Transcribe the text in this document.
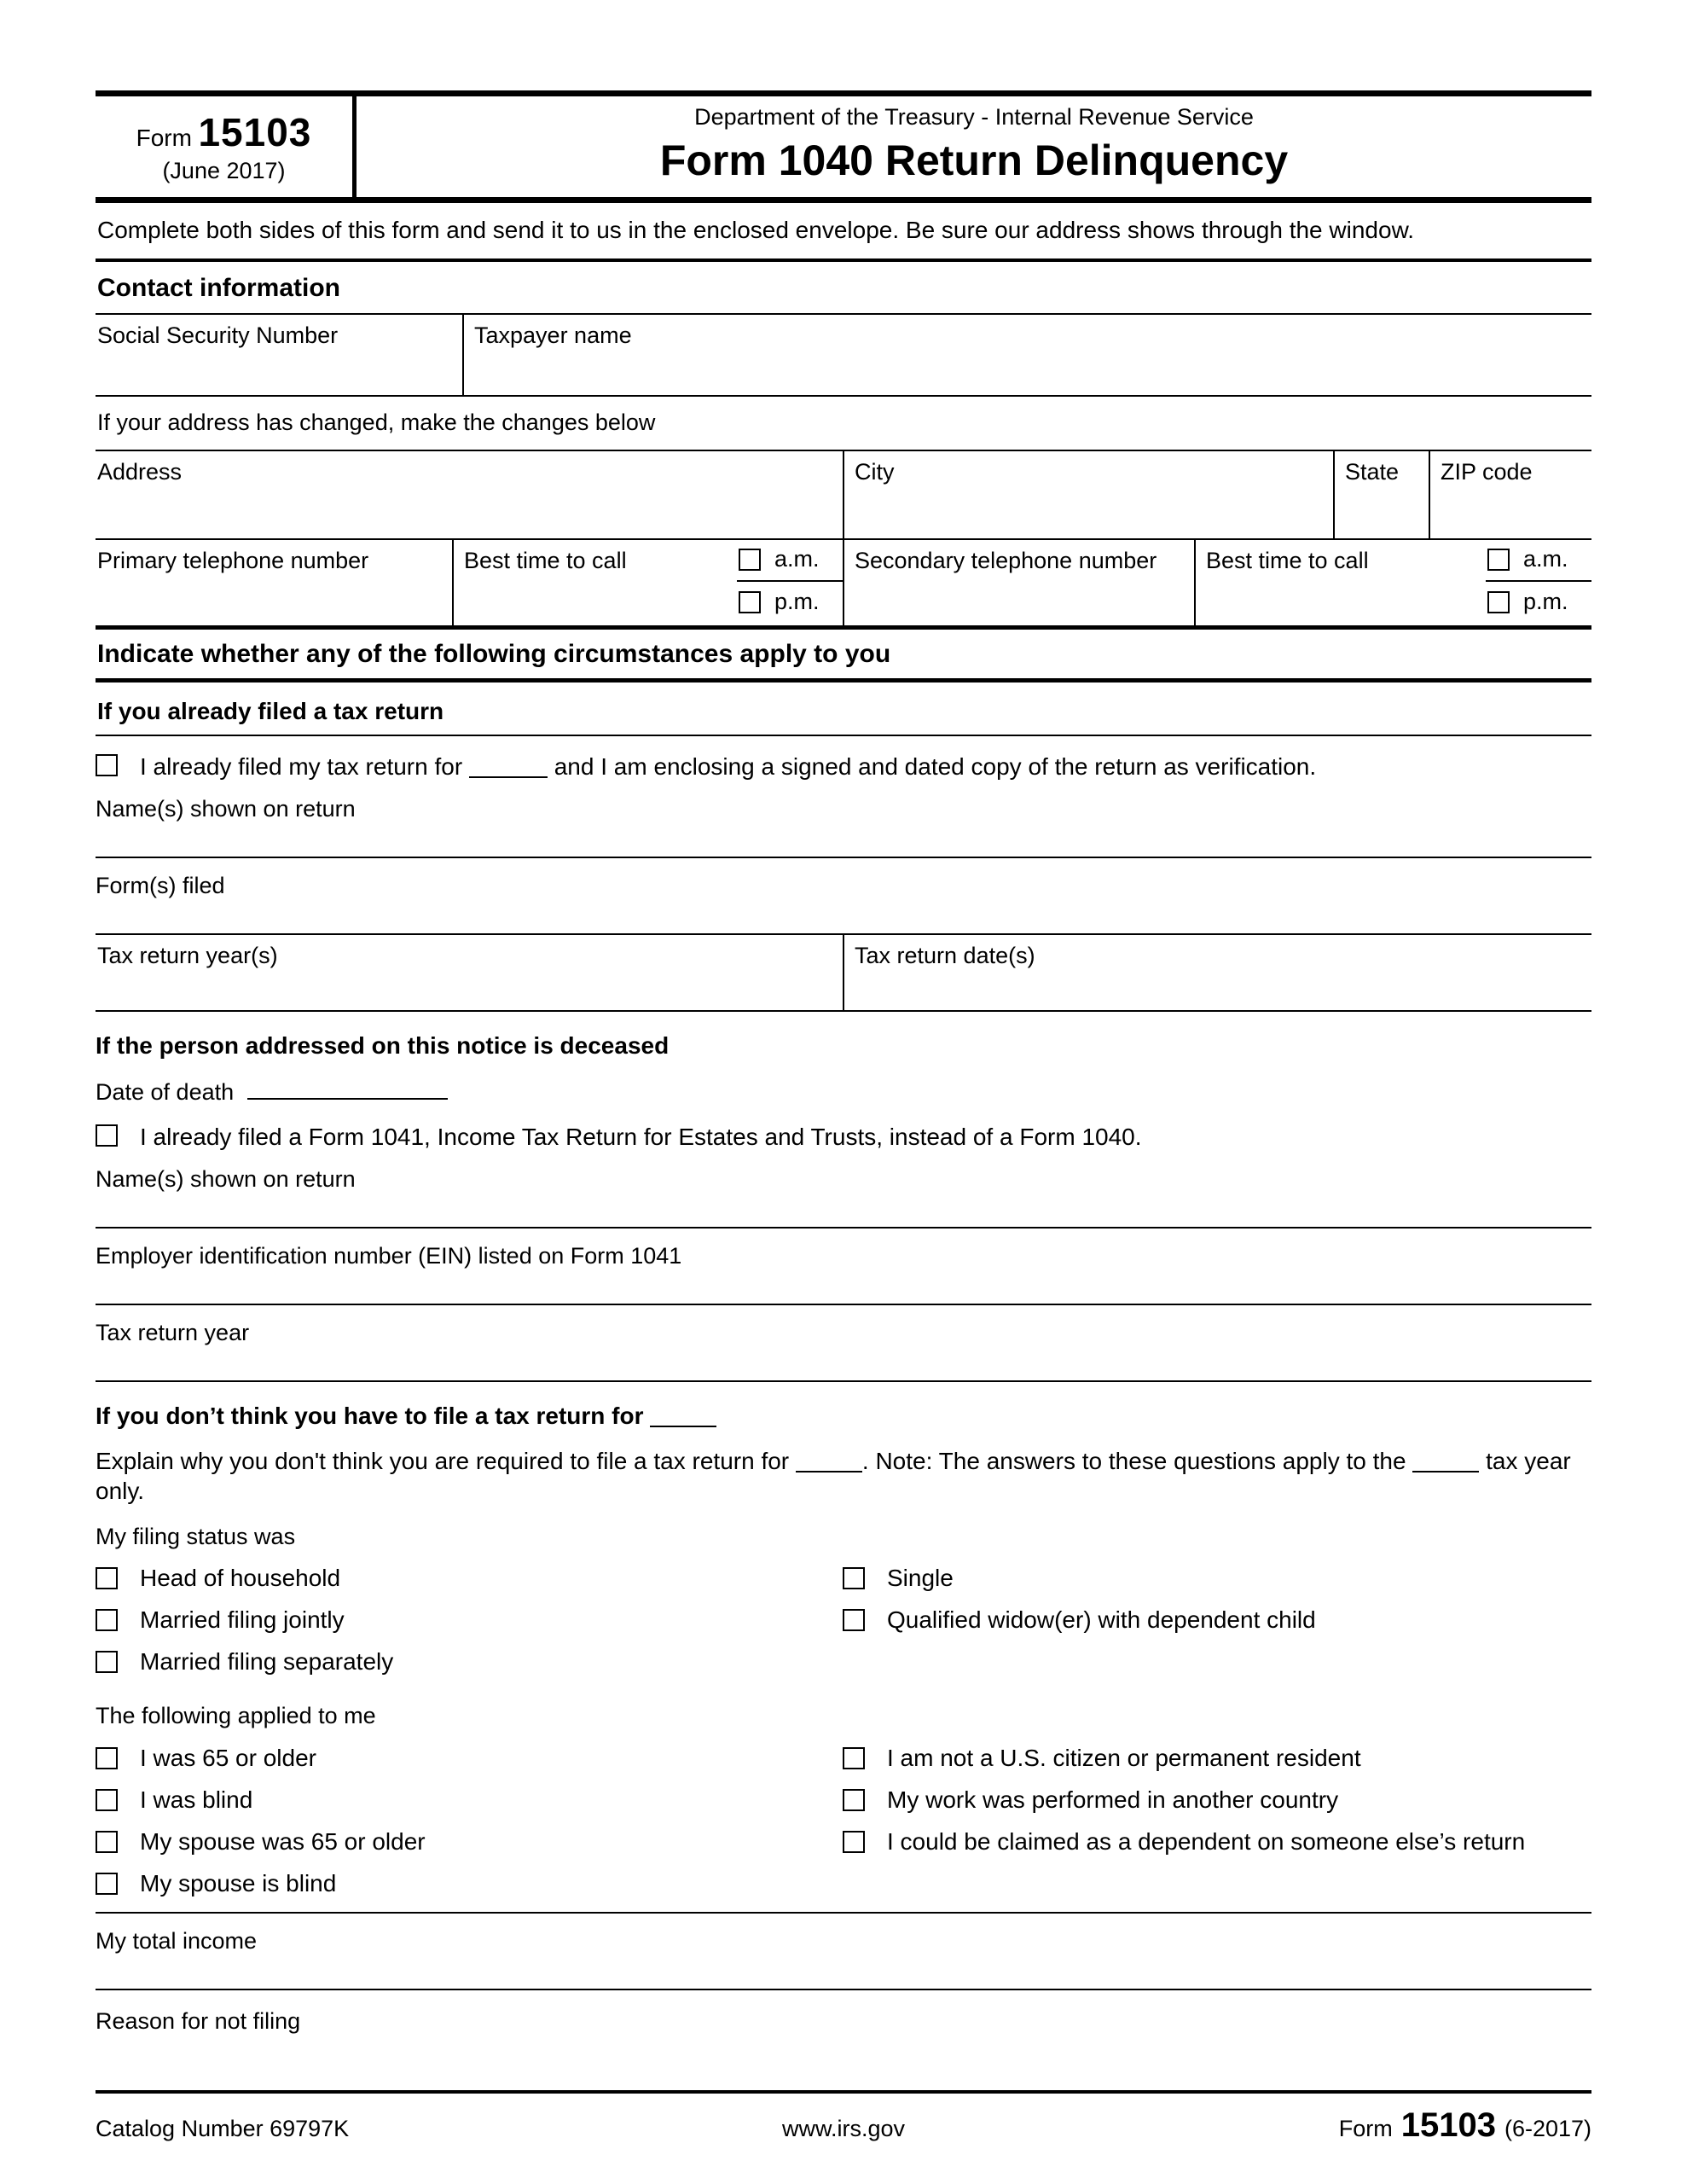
Form 15103
(June 2017)
Department of the Treasury - Internal Revenue Service
Form 1040 Return Delinquency
Complete both sides of this form and send it to us in the enclosed envelope. Be sure our address shows through the window.
Contact information
Social Security Number	Taxpayer name
If your address has changed, make the changes below
Address	City	State	ZIP code
Primary telephone number	Best time to call	a.m.
p.m.
Secondary telephone number	Best time to call	a.m.
p.m.
Indicate whether any of the following circumstances apply to you
If you already filed a tax return

I already filed my tax return for	and I am enclosing a signed and dated copy of the return as verification.

Name(s) shown on return
Form(s) filed
Tax return year(s)	Tax return date(s)
If the person addressed on this notice is deceased
Date of death

I already filed a Form 1041, Income Tax Return for Estates and Trusts, instead of a Form 1040.

Name(s) shown on return
Employer identification number (EIN) listed on Form 1041
Tax return year
If you don’t think you have to file a tax return for

Explain why you don't think you are required to file a tax return for	. Note: The answers to these questions apply to the	tax year only.

My filing status was
Head of household	Single
Married filing jointly	Qualified widow(er) with dependent child
Married filing separately
The following applied to me
I was 65 or older	I am not a U.S. citizen or permanent resident
I was blind	My work was performed in another country
My spouse was 65 or older	I could be claimed as a dependent on someone else’s return
My spouse is blind
My total income
Reason for not filing
Catalog Number 69797K	www.irs.gov	Form 15103 (6-2017)
